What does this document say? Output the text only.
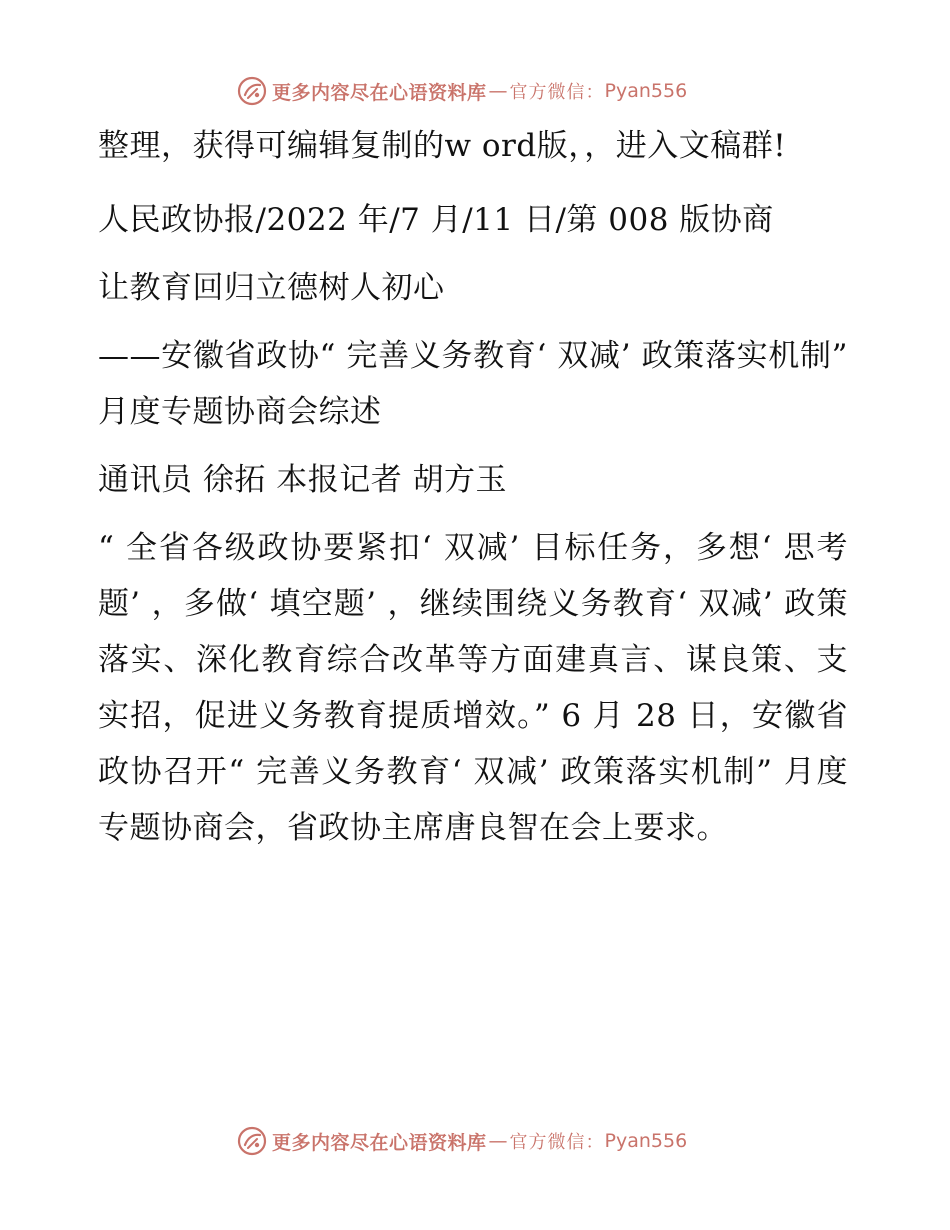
更多内容尽在心语资料库 — 官方微信： Pyan556

整理，获得可编辑复制的w ord版，，进入文稿群!

人民政协报/2022 年/7 月/11 日/第 008 版协商

让教育回归立德树人初心

——安徽省政协“ 完善义务教育‘ 双减’ 政策落实机制” 月度专题协商会综述

通讯员 徐拓 本报记者 胡方玉

“ 全省各级政协要紧扣‘ 双减’ 目标任务，多想‘ 思考题’ ，多做‘ 填空题’ ，继续围绕义务教育‘ 双减’ 政策落实、深化教育综合改革等方面建真言、谋良策、支实招，促进义务教育提质增效。” 6 月 28 日，安徽省政协召开“ 完善义务教育‘ 双减’ 政策落实机制” 月度专题协商会，省政协主席唐良智在会上要求。

更多内容尽在心语资料库 — 官方微信： Pyan556
